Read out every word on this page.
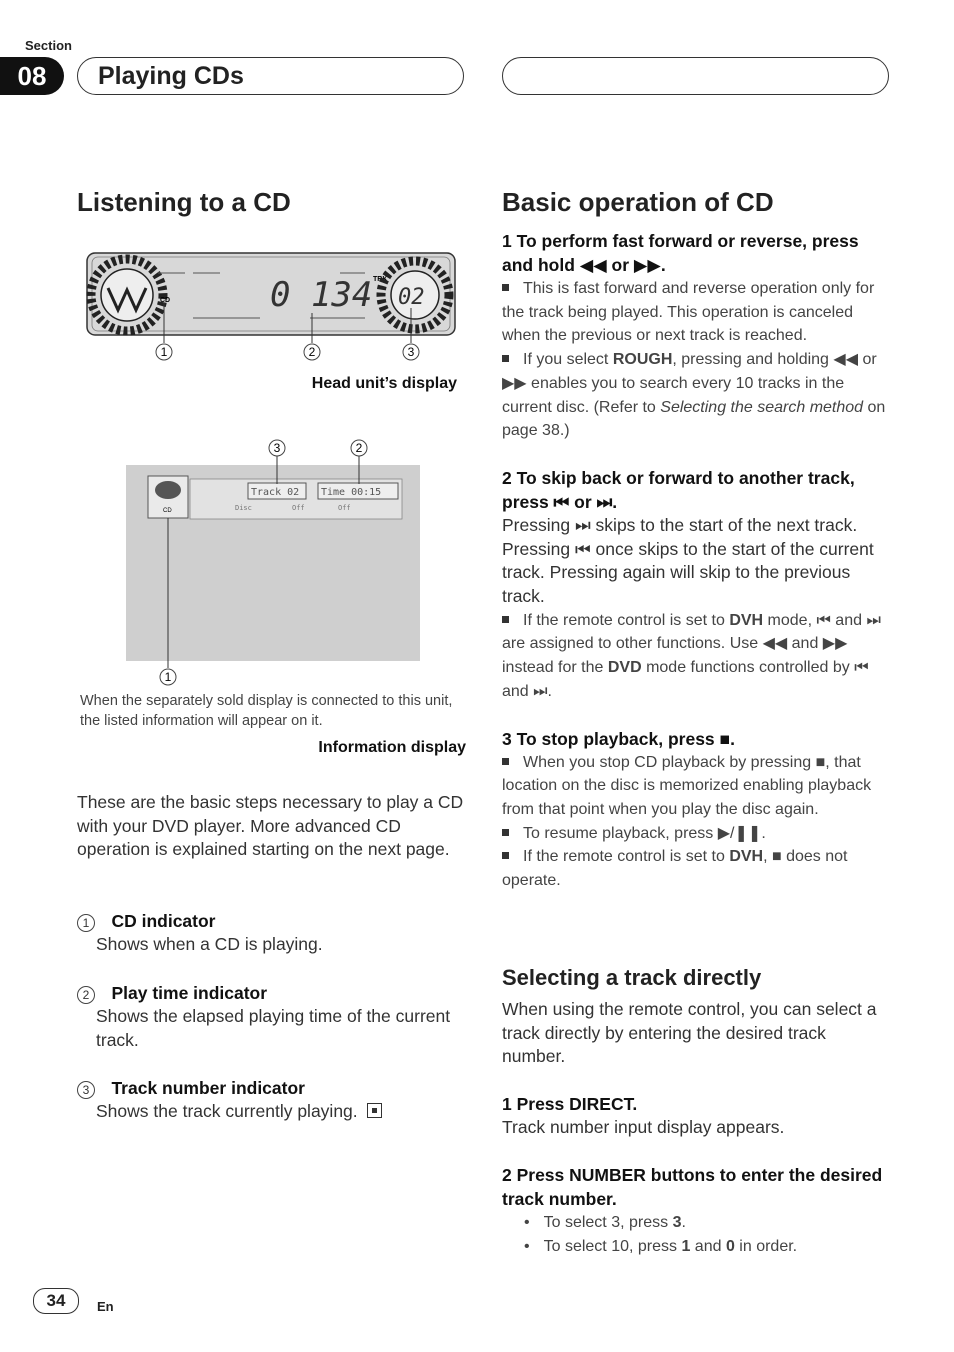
Section
08	Playing CDs
Listening to a CD
CD	0 134 TRK
02
1	2	3
Head unit’s display
3	2
CD
Track 02 Time 00:15
Disc	Off	Off
1
When the separately sold display is connected to this unit, the listed information will appear on it.
Information display
These are the basic steps necessary to play a CD with your DVD player. More advanced CD operation is explained starting on the next page.
1 CD indicator
Shows when a CD is playing.
2 Play time indicator
Shows the elapsed playing time of the current track.
3 Track number indicator
Shows the track currently playing.
Basic operation of CD
1 To perform fast forward or reverse, press and hold ◀◀ or ▶▶.
This is fast forward and reverse operation only for the track being played. This operation is canceled when the previous or next track is reached.
If you select ROUGH, pressing and holding ◀◀ or ▶▶ enables you to search every 10 tracks in the current disc. (Refer to Selecting the search method on page 38.)
2 To skip back or forward to another track, press ⏮ or ⏭.
Pressing ⏭ skips to the start of the next track. Pressing ⏮ once skips to the start of the current track. Pressing again will skip to the previous track.
If the remote control is set to DVH mode, ⏮ and ⏭ are assigned to other functions. Use ◀◀ and ▶▶ instead for the DVD mode functions controlled by ⏮ and ⏭.
3 To stop playback, press ■.
When you stop CD playback by pressing ■, that location on the disc is memorized enabling playback from that point when you play the disc again.
To resume playback, press ▶/❚❚.
If the remote control is set to DVH, ■ does not operate.
Selecting a track directly
When using the remote control, you can select a track directly by entering the desired track number.
1 Press DIRECT.
Track number input display appears.
2 Press NUMBER buttons to enter the desired track number.
• To select 3, press 3.
• To select 10, press 1 and 0 in order.
34	En
